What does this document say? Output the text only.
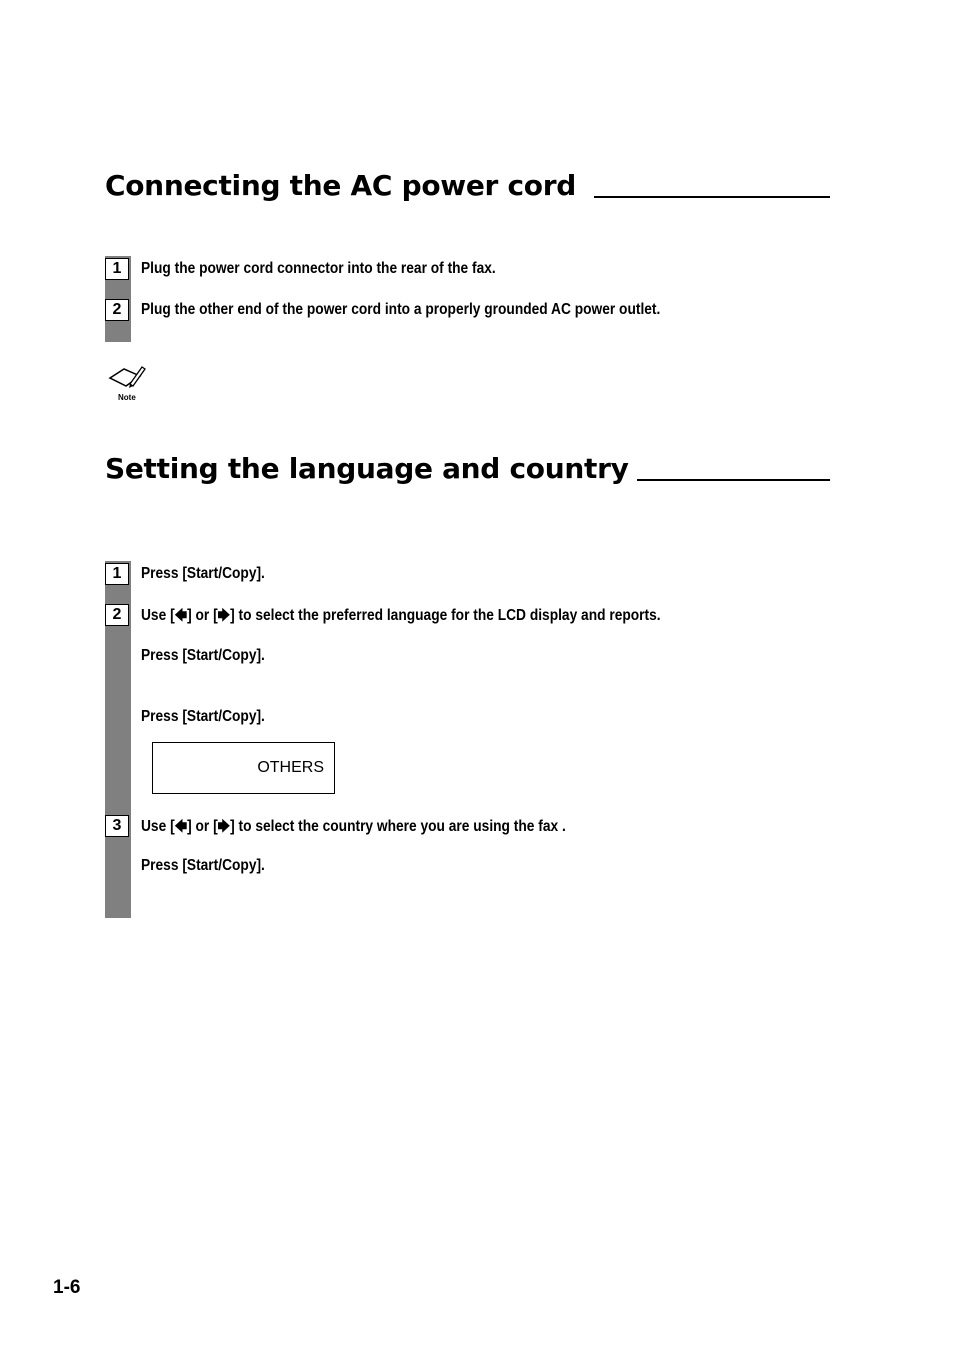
Connecting the AC power cord
1	Plug the power cord connector into the rear of the fax.
2	Plug the other end of the power cord into a properly grounded AC power outlet.
Note
Setting the language and country
1	Press [Start/Copy].
2	Use [🡄] or [🡆] to select the preferred language for the LCD display and reports.
Press [Start/Copy].
Press [Start/Copy].
OTHERS
3	Use [🡄] or [🡆] to select the country where you are using the fax .
Press [Start/Copy].
1-6
